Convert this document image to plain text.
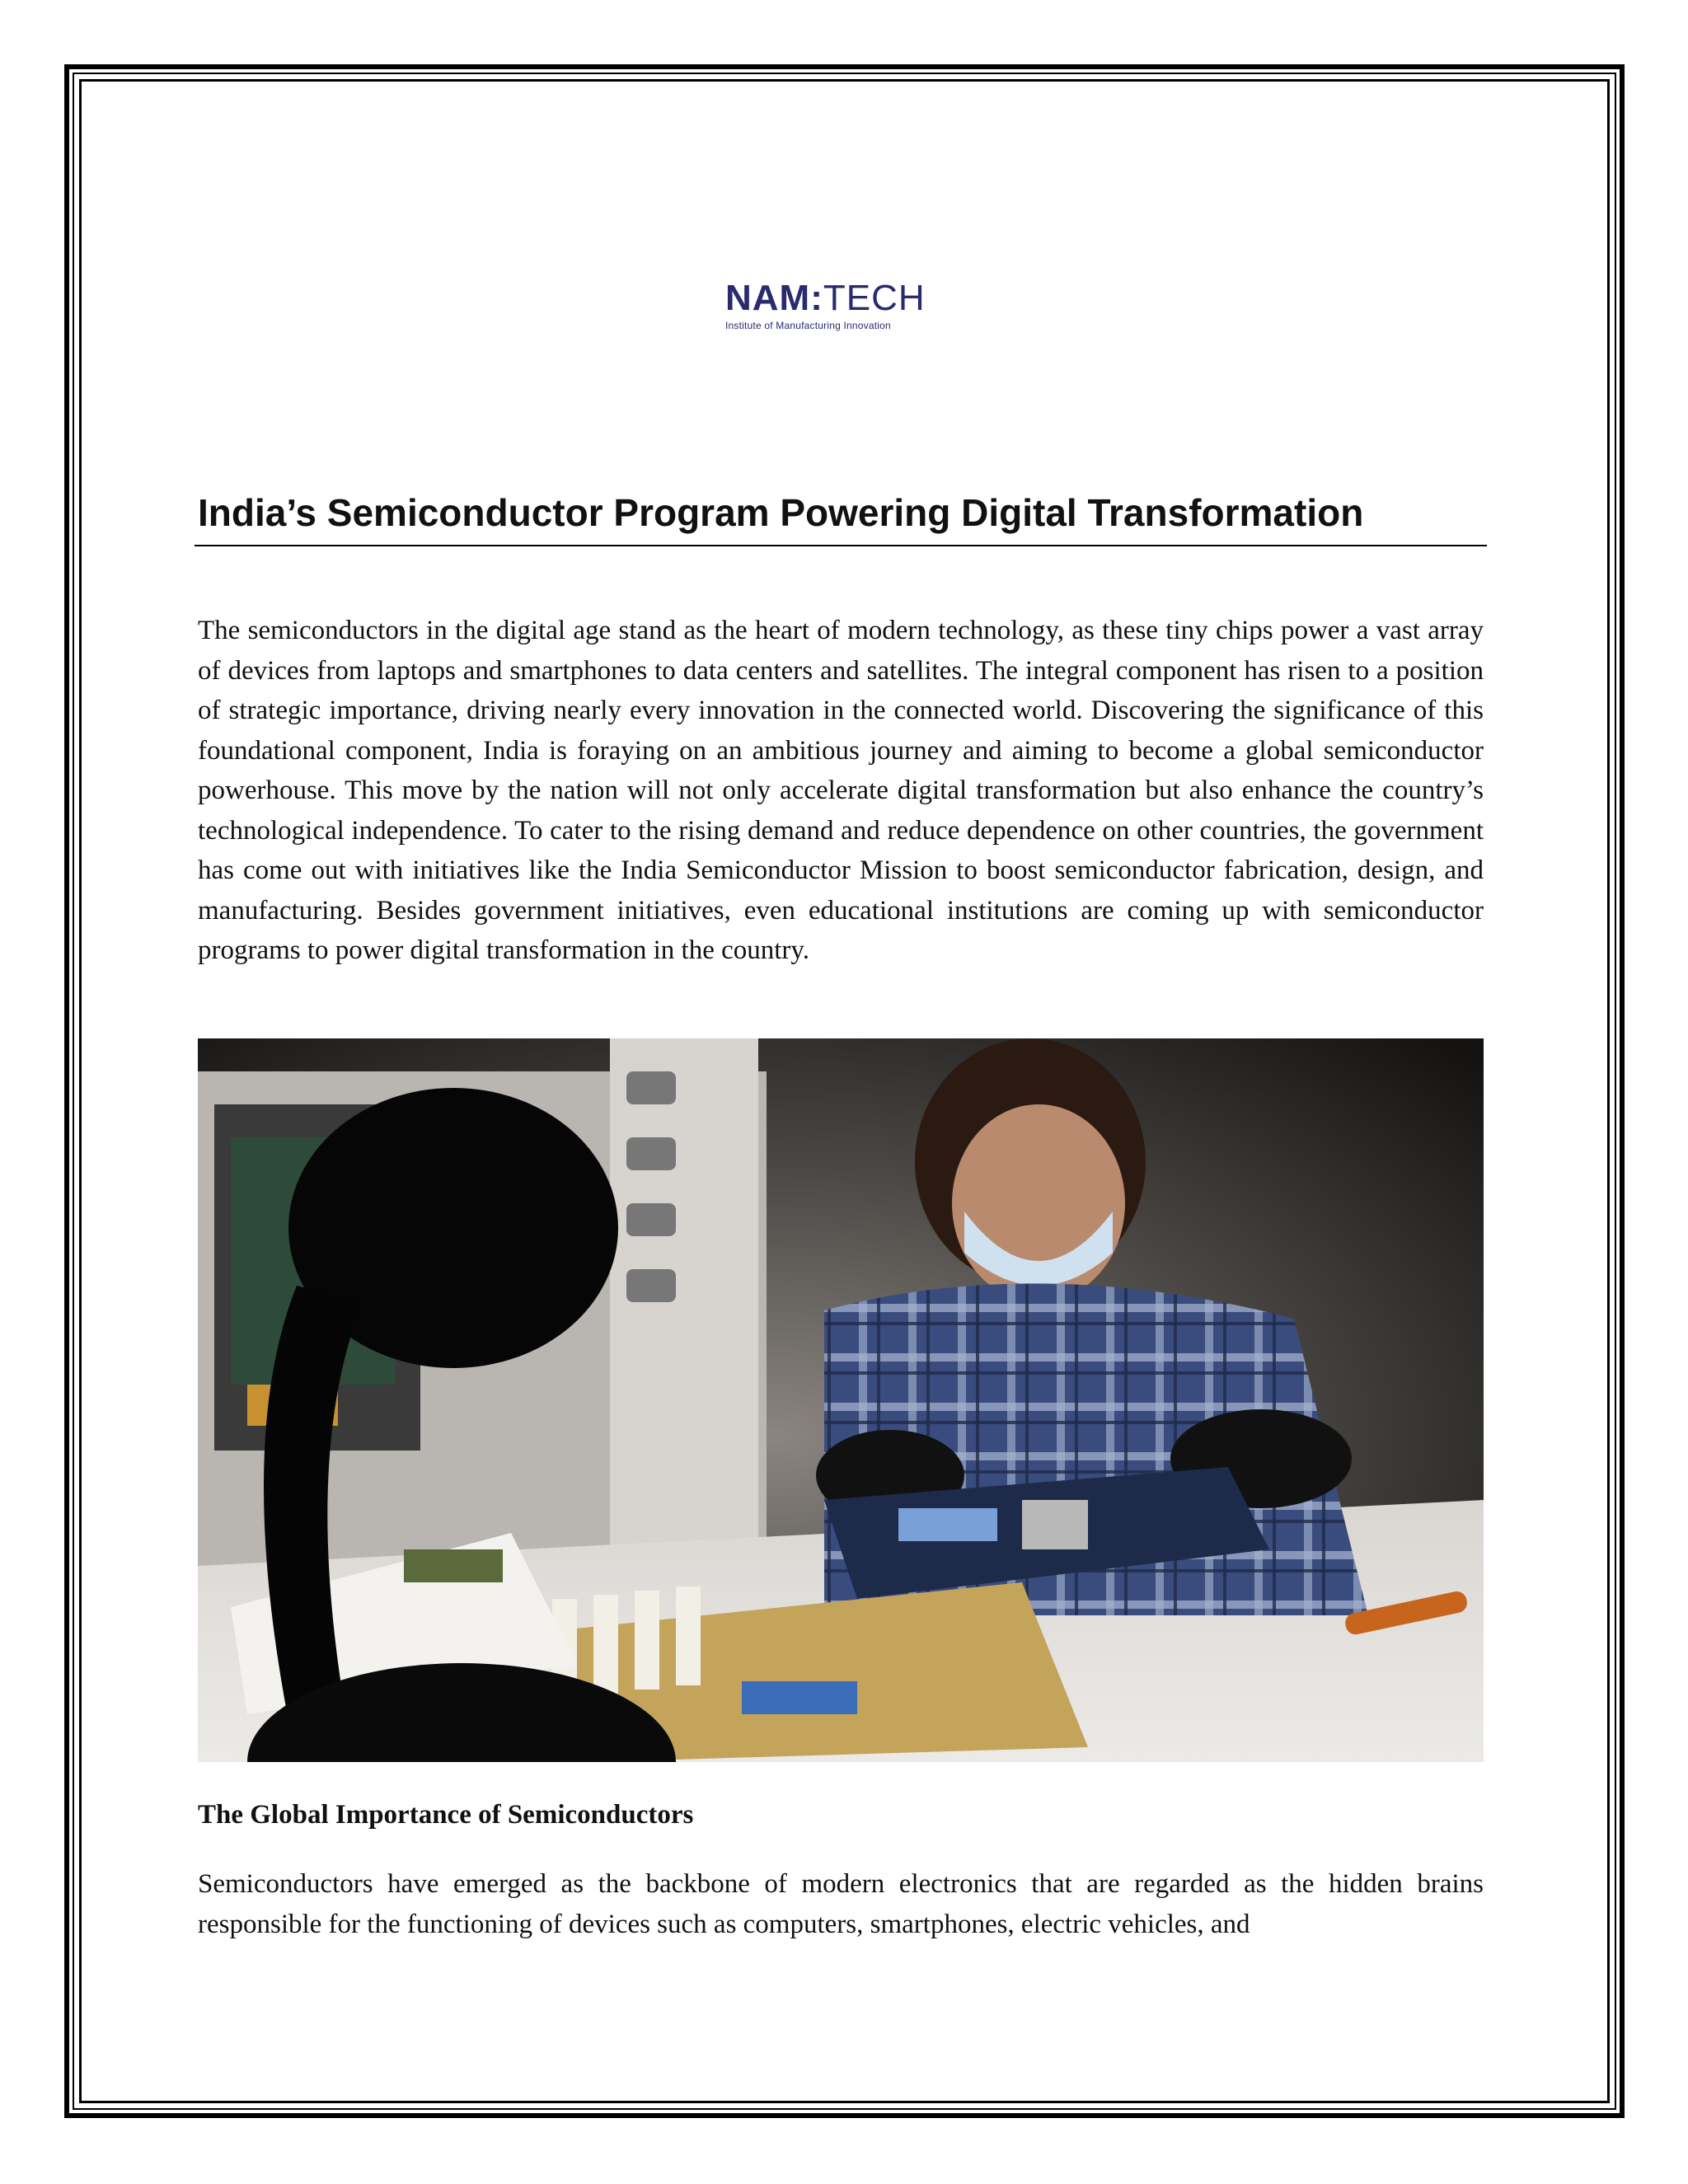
NAM:TECH
Institute of Manufacturing Innovation
India’s Semiconductor Program Powering Digital Transformation

The semiconductors in the digital age stand as the heart of modern technology, as these tiny chips power a vast array of devices from laptops and smartphones to data centers and satellites. The integral component has risen to a position of strategic importance, driving nearly every innovation in the connected world. Discovering the significance of this foundational component, India is foraying on an ambitious journey and aiming to become a global semiconductor powerhouse. This move by the nation will not only accelerate digital transformation but also enhance the country’s technological independence. To cater to the rising demand and reduce dependence on other countries, the government has come out with initiatives like the India Semiconductor Mission to boost semiconductor fabrication, design, and manufacturing. Besides government initiatives, even educational institutions are coming up with semiconductor programs to power digital transformation in the country.

The Global Importance of Semiconductors

Semiconductors have emerged as the backbone of modern electronics that are regarded as the hidden brains responsible for the functioning of devices such as computers, smartphones, electric vehicles, and
